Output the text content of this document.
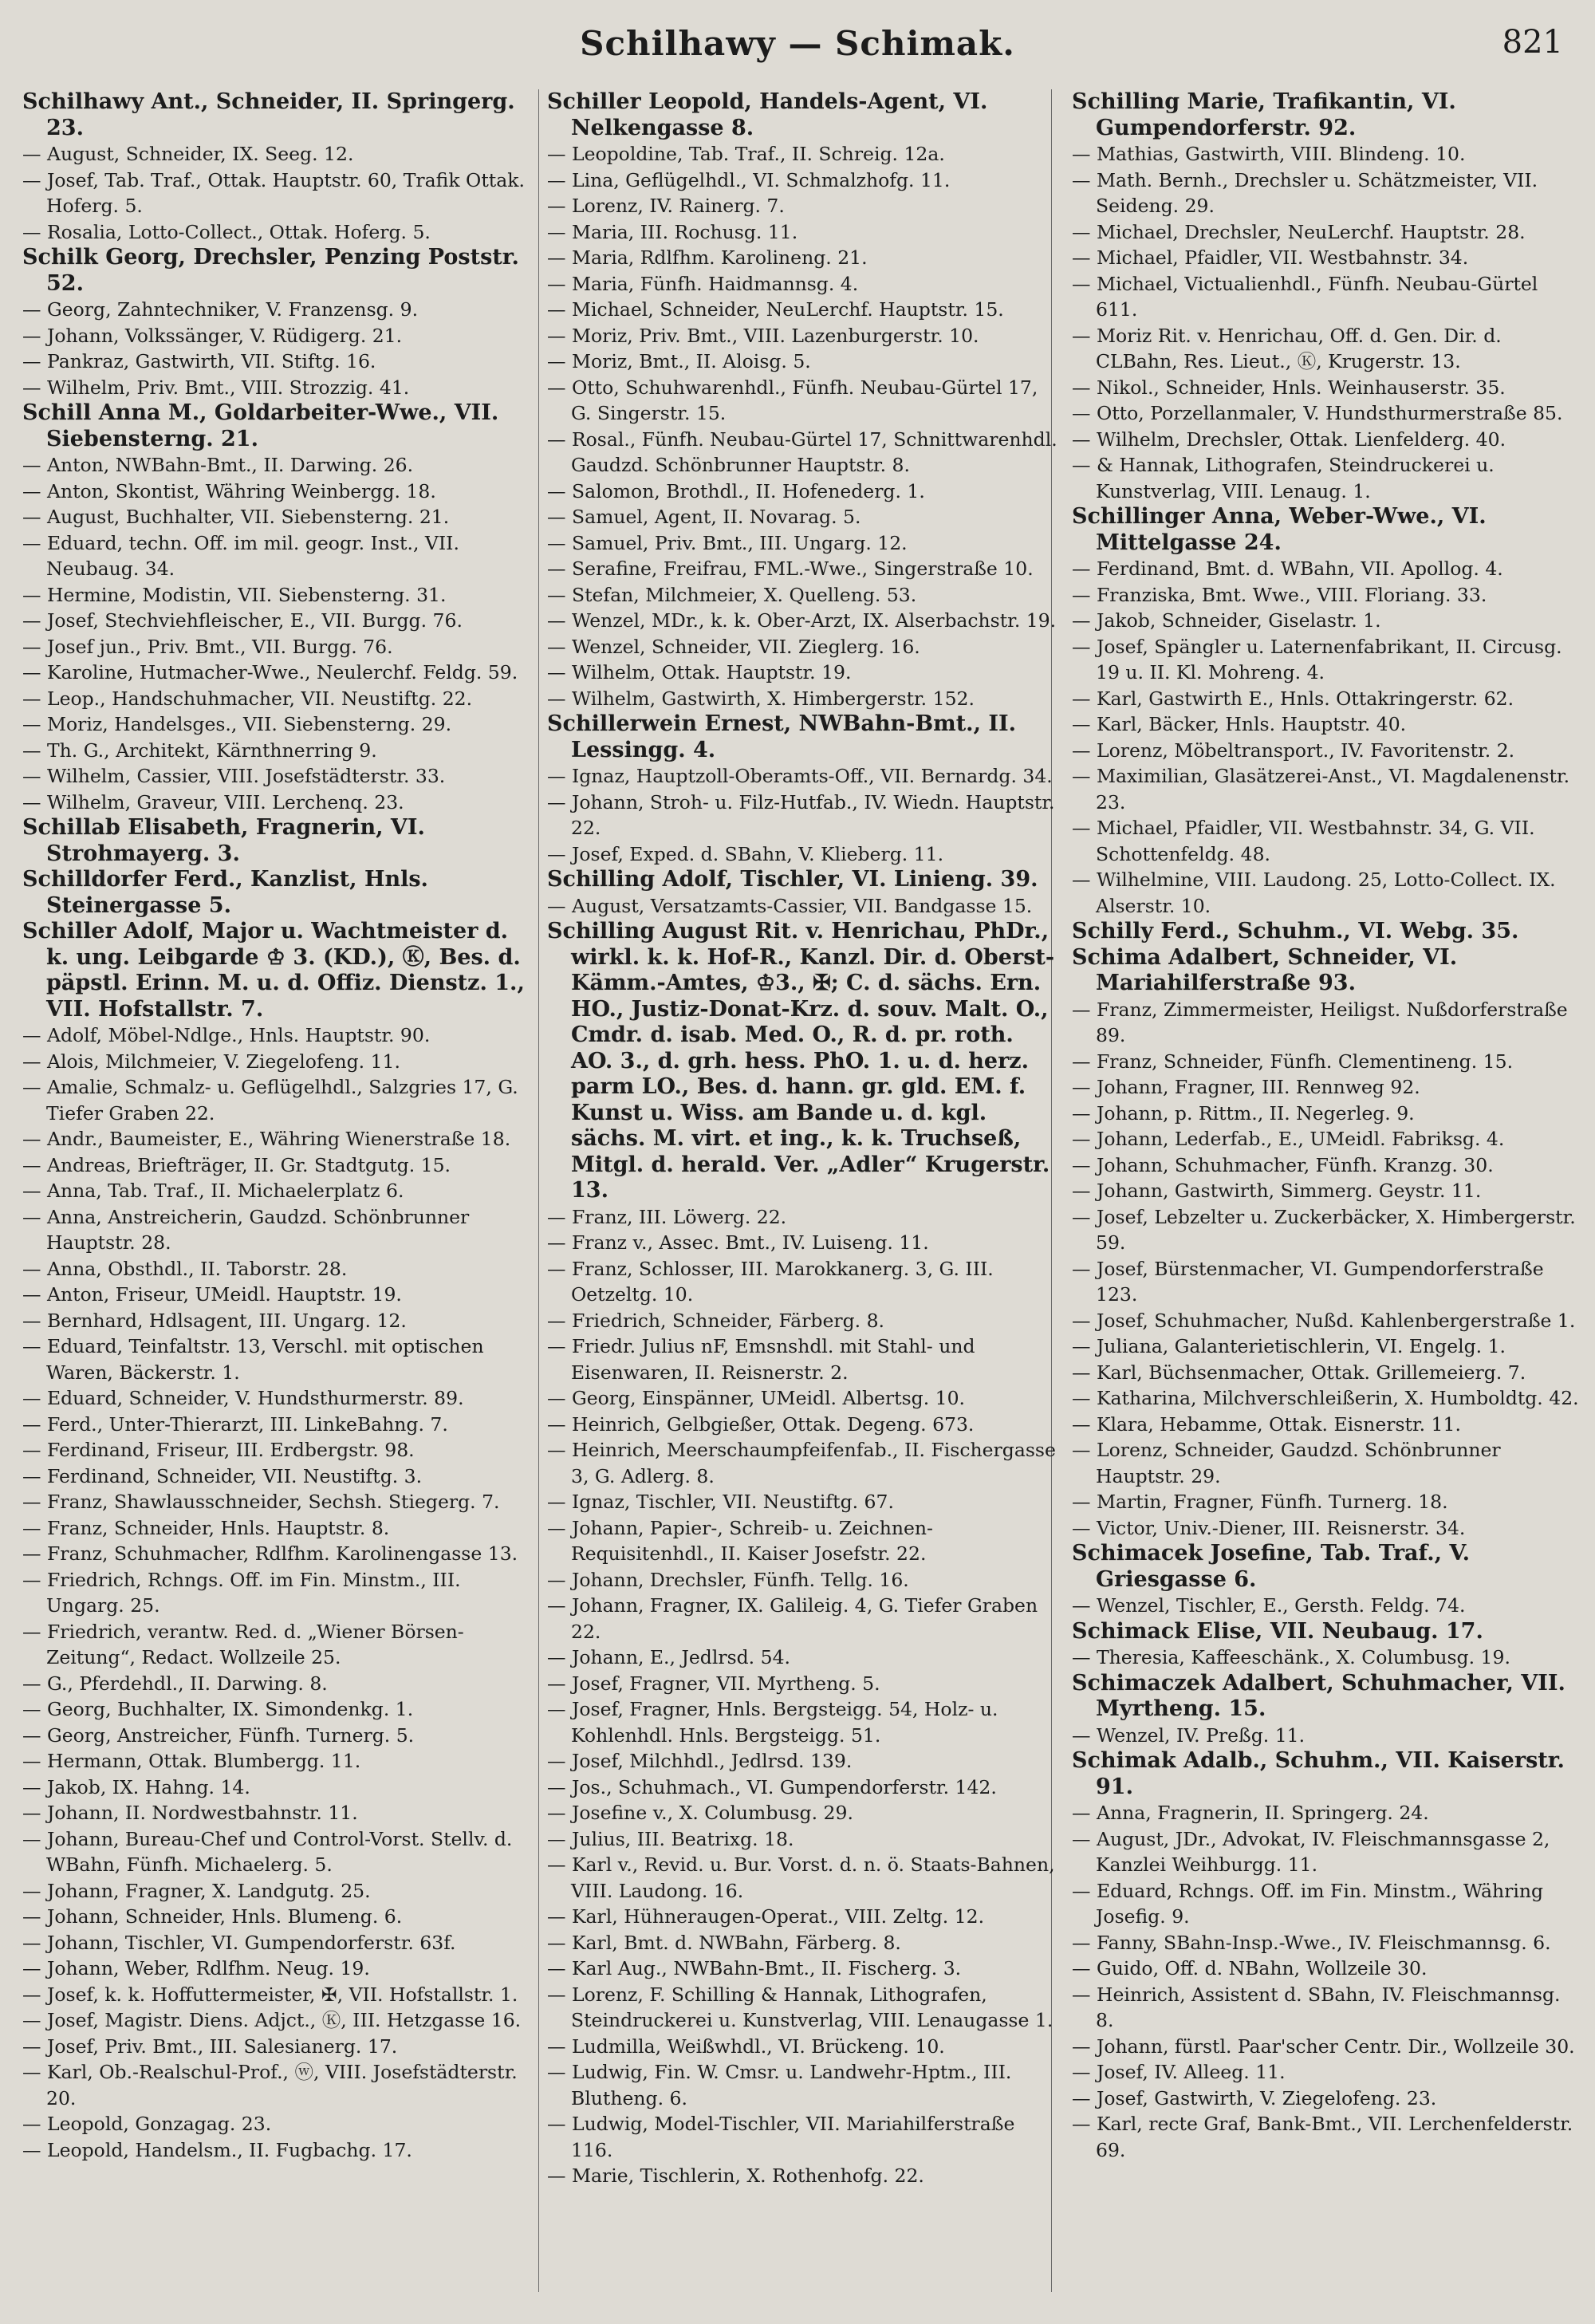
Schilhawy — Schimak.	821

Schilhawy Ant., Schneider, II. Springerg. 23.

— August, Schneider, IX. Seeg. 12.

— Josef, Tab. Traf., Ottak. Hauptstr. 60, Trafik Ottak. Hoferg. 5.

— Rosalia, Lotto-Collect., Ottak. Hoferg. 5.

Schilk Georg, Drechsler, Penzing Poststr. 52.

— Georg, Zahntechniker, V. Franzensg. 9.

— Johann, Volkssänger, V. Rüdigerg. 21.

— Pankraz, Gastwirth, VII. Stiftg. 16.

— Wilhelm, Priv. Bmt., VIII. Strozzig. 41.

Schill Anna M., Goldarbeiter-Wwe., VII. Siebensterng. 21.

— Anton, NWBahn-Bmt., II. Darwing. 26.

— Anton, Skontist, Währing Weinbergg. 18.

— August, Buchhalter, VII. Siebensterng. 21.

— Eduard, techn. Off. im mil. geogr. Inst., VII. Neubaug. 34.

— Hermine, Modistin, VII. Siebensterng. 31.

— Josef, Stechviehfleischer, E., VII. Burgg. 76.

— Josef jun., Priv. Bmt., VII. Burgg. 76.

— Karoline, Hutmacher-Wwe., Neulerchf. Feldg. 59.

— Leop., Handschuhmacher, VII. Neustiftg. 22.

— Moriz, Handelsges., VII. Siebensterng. 29.

— Th. G., Architekt, Kärnthnerring 9.

— Wilhelm, Cassier, VIII. Josefstädterstr. 33.

— Wilhelm, Graveur, VIII. Lerchenq. 23.

Schillab Elisabeth, Fragnerin, VI. Strohmayerg. 3.

Schilldorfer Ferd., Kanzlist, Hnls. Steinergasse 5.

Schiller Adolf, Major u. Wachtmeister d. k. ung. Leibgarde ♔ 3. (KD.), Ⓚ, Bes. d. päpstl. Erinn. M. u. d. Offiz. Dienstz. 1., VII. Hofstallstr. 7.

— Adolf, Möbel-Ndlge., Hnls. Hauptstr. 90.

— Alois, Milchmeier, V. Ziegelofeng. 11.

— Amalie, Schmalz- u. Geflügelhdl., Salzgries 17, G. Tiefer Graben 22.

— Andr., Baumeister, E., Währing Wienerstraße 18.

— Andreas, Briefträger, II. Gr. Stadtgutg. 15.

— Anna, Tab. Traf., II. Michaelerplatz 6.

— Anna, Anstreicherin, Gaudzd. Schönbrunner Hauptstr. 28.

— Anna, Obsthdl., II. Taborstr. 28.

— Anton, Friseur, UMeidl. Hauptstr. 19.

— Bernhard, Hdlsagent, III. Ungarg. 12.

— Eduard, Teinfaltstr. 13, Verschl. mit optischen Waren, Bäckerstr. 1.

— Eduard, Schneider, V. Hundsthurmerstr. 89.

— Ferd., Unter-Thierarzt, III. LinkeBahng. 7.

— Ferdinand, Friseur, III. Erdbergstr. 98.

— Ferdinand, Schneider, VII. Neustiftg. 3.

— Franz, Shawlausschneider, Sechsh. Stiegerg. 7.

— Franz, Schneider, Hnls. Hauptstr. 8.

— Franz, Schuhmacher, Rdlfhm. Karolinengasse 13.

— Friedrich, Rchngs. Off. im Fin. Minstm., III. Ungarg. 25.

— Friedrich, verantw. Red. d. „Wiener Börsen-Zeitung“, Redact. Wollzeile 25.

— G., Pferdehdl., II. Darwing. 8.

— Georg, Buchhalter, IX. Simondenkg. 1.

— Georg, Anstreicher, Fünfh. Turnerg. 5.

— Hermann, Ottak. Blumbergg. 11.

— Jakob, IX. Hahng. 14.

— Johann, II. Nordwestbahnstr. 11.

— Johann, Bureau-Chef und Control-Vorst. Stellv. d. WBahn, Fünfh. Michaelerg. 5.

— Johann, Fragner, X. Landgutg. 25.

— Johann, Schneider, Hnls. Blumeng. 6.

— Johann, Tischler, VI. Gumpendorferstr. 63f.

— Johann, Weber, Rdlfhm. Neug. 19.

— Josef, k. k. Hoffuttermeister, ✠, VII. Hofstallstr. 1.

— Josef, Magistr. Diens. Adjct., Ⓚ, III. Hetzgasse 16.

— Josef, Priv. Bmt., III. Salesianerg. 17.

— Karl, Ob.-Realschul-Prof., ⓦ, VIII. Josefstädterstr. 20.

— Leopold, Gonzagag. 23.

— Leopold, Handelsm., II. Fugbachg. 17.

Schiller Leopold, Handels-Agent, VI. Nelkengasse 8.

— Leopoldine, Tab. Traf., II. Schreig. 12a.

— Lina, Geflügelhdl., VI. Schmalzhofg. 11.

— Lorenz, IV. Rainerg. 7.

— Maria, III. Rochusg. 11.

— Maria, Rdlfhm. Karolineng. 21.

— Maria, Fünfh. Haidmannsg. 4.

— Michael, Schneider, NeuLerchf. Hauptstr. 15.

— Moriz, Priv. Bmt., VIII. Lazenburgerstr. 10.

— Moriz, Bmt., II. Aloisg. 5.

— Otto, Schuhwarenhdl., Fünfh. Neubau-Gürtel 17, G. Singerstr. 15.

— Rosal., Fünfh. Neubau-Gürtel 17, Schnittwarenhdl. Gaudzd. Schönbrunner Hauptstr. 8.

— Salomon, Brothdl., II. Hofenederg. 1.

— Samuel, Agent, II. Novarag. 5.

— Samuel, Priv. Bmt., III. Ungarg. 12.

— Serafine, Freifrau, FML.-Wwe., Singerstraße 10.

— Stefan, Milchmeier, X. Quelleng. 53.

— Wenzel, MDr., k. k. Ober-Arzt, IX. Alserbachstr. 19.

— Wenzel, Schneider, VII. Zieglerg. 16.

— Wilhelm, Ottak. Hauptstr. 19.

— Wilhelm, Gastwirth, X. Himbergerstr. 152.

Schillerwein Ernest, NWBahn-Bmt., II. Lessingg. 4.

— Ignaz, Hauptzoll-Oberamts-Off., VII. Bernardg. 34.

— Johann, Stroh- u. Filz-Hutfab., IV. Wiedn. Hauptstr. 22.

— Josef, Exped. d. SBahn, V. Klieberg. 11.

Schilling Adolf, Tischler, VI. Linieng. 39.

— August, Versatzamts-Cassier, VII. Bandgasse 15.

Schilling August Rit. v. Henrichau, PhDr., wirkl. k. k. Hof-R., Kanzl. Dir. d. Oberst-Kämm.-Amtes, ♔3., ✠; C. d. sächs. Ern. HO., Justiz-Donat-Krz. d. souv. Malt. O., Cmdr. d. isab. Med. O., R. d. pr. roth. AO. 3., d. grh. hess. PhO. 1. u. d. herz. parm LO., Bes. d. hann. gr. gld. EM. f. Kunst u. Wiss. am Bande u. d. kgl. sächs. M. virt. et ing., k. k. Truchseß, Mitgl. d. herald. Ver. „Adler“ Krugerstr. 13.

— Franz, III. Löwerg. 22.

— Franz v., Assec. Bmt., IV. Luiseng. 11.

— Franz, Schlosser, III. Marokkanerg. 3, G. III. Oetzeltg. 10.

— Friedrich, Schneider, Färberg. 8.

— Friedr. Julius nF, Emsnshdl. mit Stahl- und Eisenwaren, II. Reisnerstr. 2.

— Georg, Einspänner, UMeidl. Albertsg. 10.

— Heinrich, Gelbgießer, Ottak. Degeng. 673.

— Heinrich, Meerschaumpfeifenfab., II. Fischergasse 3, G. Adlerg. 8.

— Ignaz, Tischler, VII. Neustiftg. 67.

— Johann, Papier-, Schreib- u. Zeichnen-Requisitenhdl., II. Kaiser Josefstr. 22.

— Johann, Drechsler, Fünfh. Tellg. 16.

— Johann, Fragner, IX. Galileig. 4, G. Tiefer Graben 22.

— Johann, E., Jedlrsd. 54.

— Josef, Fragner, VII. Myrtheng. 5.

— Josef, Fragner, Hnls. Bergsteigg. 54, Holz- u. Kohlenhdl. Hnls. Bergsteigg. 51.

— Josef, Milchhdl., Jedlrsd. 139.

— Jos., Schuhmach., VI. Gumpendorferstr. 142.

— Josefine v., X. Columbusg. 29.

— Julius, III. Beatrixg. 18.

— Karl v., Revid. u. Bur. Vorst. d. n. ö. Staats-Bahnen, VIII. Laudong. 16.

— Karl, Hühneraugen-Operat., VIII. Zeltg. 12.

— Karl, Bmt. d. NWBahn, Färberg. 8.

— Karl Aug., NWBahn-Bmt., II. Fischerg. 3.

— Lorenz, F. Schilling & Hannak, Lithografen, Steindruckerei u. Kunstverlag, VIII. Lenaugasse 1.

— Ludmilla, Weißwhdl., VI. Brückeng. 10.

— Ludwig, Fin. W. Cmsr. u. Landwehr-Hptm., III. Blutheng. 6.

— Ludwig, Model-Tischler, VII. Mariahilferstraße 116.

— Marie, Tischlerin, X. Rothenhofg. 22.

Schilling Marie, Trafikantin, VI. Gumpendorferstr. 92.

— Mathias, Gastwirth, VIII. Blindeng. 10.

— Math. Bernh., Drechsler u. Schätzmeister, VII. Seideng. 29.

— Michael, Drechsler, NeuLerchf. Hauptstr. 28.

— Michael, Pfaidler, VII. Westbahnstr. 34.

— Michael, Victualienhdl., Fünfh. Neubau-Gürtel 611.

— Moriz Rit. v. Henrichau, Off. d. Gen. Dir. d. CLBahn, Res. Lieut., Ⓚ, Krugerstr. 13.

— Nikol., Schneider, Hnls. Weinhauserstr. 35.

— Otto, Porzellanmaler, V. Hundsthurmerstraße 85.

— Wilhelm, Drechsler, Ottak. Lienfelderg. 40.

— & Hannak, Lithografen, Steindruckerei u. Kunstverlag, VIII. Lenaug. 1.

Schillinger Anna, Weber-Wwe., VI. Mittelgasse 24.

— Ferdinand, Bmt. d. WBahn, VII. Apollog. 4.

— Franziska, Bmt. Wwe., VIII. Floriang. 33.

— Jakob, Schneider, Giselastr. 1.

— Josef, Spängler u. Laternenfabrikant, II. Circusg. 19 u. II. Kl. Mohreng. 4.

— Karl, Gastwirth E., Hnls. Ottakringerstr. 62.

— Karl, Bäcker, Hnls. Hauptstr. 40.

— Lorenz, Möbeltransport., IV. Favoritenstr. 2.

— Maximilian, Glasätzerei-Anst., VI. Magdalenenstr. 23.

— Michael, Pfaidler, VII. Westbahnstr. 34, G. VII. Schottenfeldg. 48.

— Wilhelmine, VIII. Laudong. 25, Lotto-Collect. IX. Alserstr. 10.

Schilly Ferd., Schuhm., VI. Webg. 35.

Schima Adalbert, Schneider, VI. Mariahilferstraße 93.

— Franz, Zimmermeister, Heiligst. Nußdorferstraße 89.

— Franz, Schneider, Fünfh. Clementineng. 15.

— Johann, Fragner, III. Rennweg 92.

— Johann, p. Rittm., II. Negerleg. 9.

— Johann, Lederfab., E., UMeidl. Fabriksg. 4.

— Johann, Schuhmacher, Fünfh. Kranzg. 30.

— Johann, Gastwirth, Simmerg. Geystr. 11.

— Josef, Lebzelter u. Zuckerbäcker, X. Himbergerstr. 59.

— Josef, Bürstenmacher, VI. Gumpendorferstraße 123.

— Josef, Schuhmacher, Nußd. Kahlenbergerstraße 1.

— Juliana, Galanterietischlerin, VI. Engelg. 1.

— Karl, Büchsenmacher, Ottak. Grillemeierg. 7.

— Katharina, Milchverschleißerin, X. Humboldtg. 42.

— Klara, Hebamme, Ottak. Eisnerstr. 11.

— Lorenz, Schneider, Gaudzd. Schönbrunner Hauptstr. 29.

— Martin, Fragner, Fünfh. Turnerg. 18.

— Victor, Univ.-Diener, III. Reisnerstr. 34.

Schimacek Josefine, Tab. Traf., V. Griesgasse 6.

— Wenzel, Tischler, E., Gersth. Feldg. 74.

Schimack Elise, VII. Neubaug. 17.

— Theresia, Kaffeeschänk., X. Columbusg. 19.

Schimaczek Adalbert, Schuhmacher, VII. Myrtheng. 15.

— Wenzel, IV. Preßg. 11.

Schimak Adalb., Schuhm., VII. Kaiserstr. 91.

— Anna, Fragnerin, II. Springerg. 24.

— August, JDr., Advokat, IV. Fleischmannsgasse 2, Kanzlei Weihburgg. 11.

— Eduard, Rchngs. Off. im Fin. Minstm., Währing Josefig. 9.

— Fanny, SBahn-Insp.-Wwe., IV. Fleischmannsg. 6.

— Guido, Off. d. NBahn, Wollzeile 30.

— Heinrich, Assistent d. SBahn, IV. Fleischmannsg. 8.

— Johann, fürstl. Paar'scher Centr. Dir., Wollzeile 30.

— Josef, IV. Alleeg. 11.

— Josef, Gastwirth, V. Ziegelofeng. 23.

— Karl, recte Graf, Bank-Bmt., VII. Lerchenfelderstr. 69.
